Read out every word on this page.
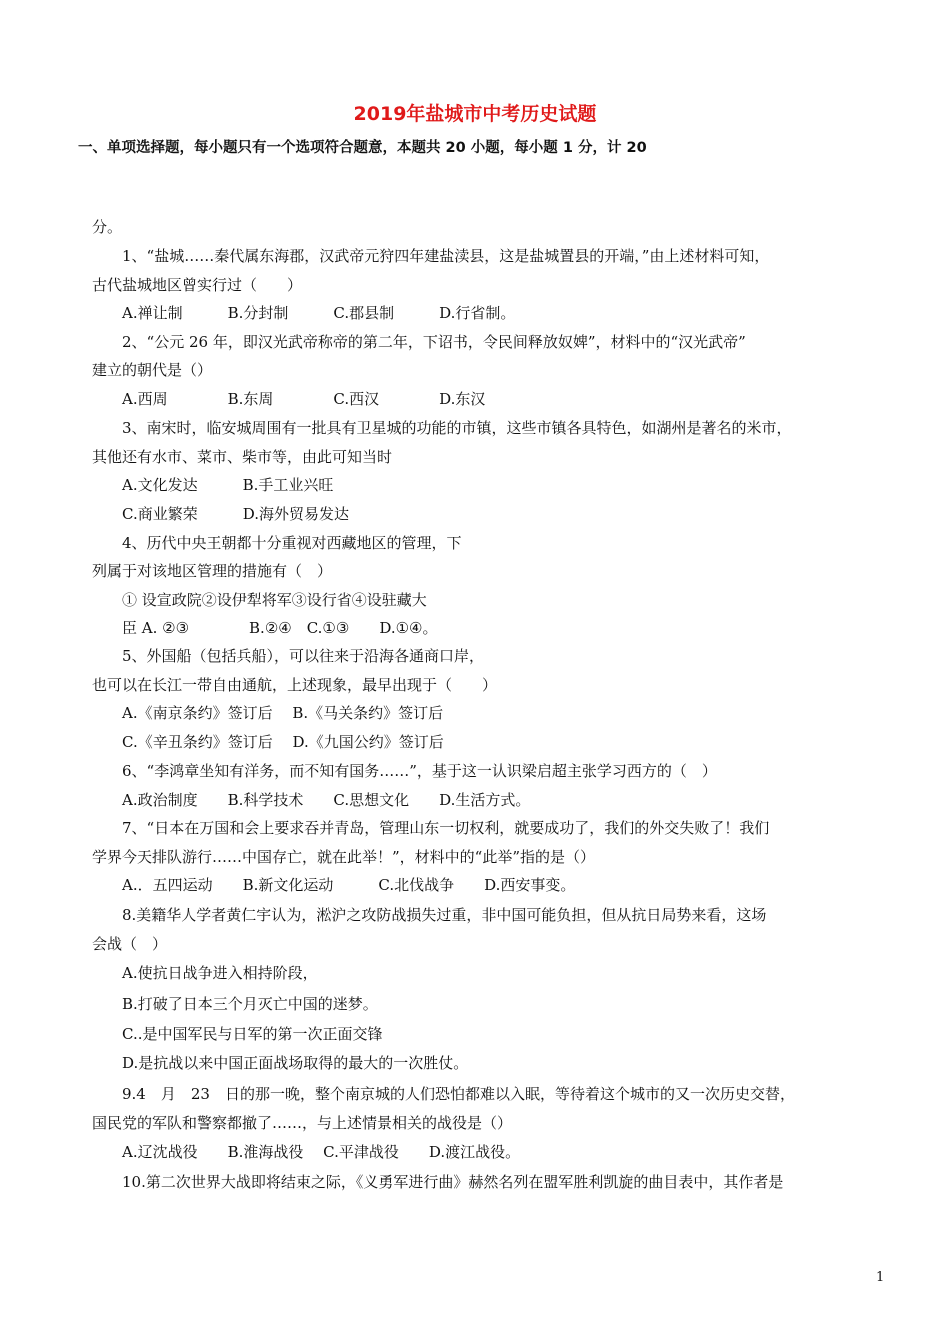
2019年盐城市中考历史试题
一、单项选择题，每小题只有一个选项符合题意，本题共 20 小题，每小题 1 分，计 20
分。
1、“盐城……秦代属东海郡，汉武帝元狩四年建盐渎县，这是盐城置县的开端，”由上述材料可知，
古代盐城地区曾实行过（　　）
A.禅让制　　　B.分封制　　　C.郡县制　　　D.行省制。
2、“公元 26 年，即汉光武帝称帝的第二年，下诏书，令民间释放奴婢”，材料中的“汉光武帝”
建立的朝代是（）
A.西周　　　　B.东周　　　　C.西汉　　　　D.东汉
3、南宋时，临安城周围有一批具有卫星城的功能的市镇，这些市镇各具特色，如湖州是著名的米市，
其他还有水市、菜市、柴市等，由此可知当时
A.文化发达　　　B.手工业兴旺
C.商业繁荣　　　D.海外贸易发达
4、历代中央王朝都十分重视对西藏地区的管理，下
列属于对该地区管理的措施有（　）
① 设宣政院②设伊犁将军③设行省④设驻藏大
臣 A. ②③　　　　B.②④　C.①③　　D.①④。
5、外国船（包括兵船），可以往来于沿海各通商口岸，
也可以在长江一带自由通航，上述现象，最早出现于（　　）
A.《南京条约》签订后　 B.《马关条约》签订后
C.《辛丑条约》签订后　 D.《九国公约》签订后
6、“李鸿章坐知有洋务，而不知有国务……”，基于这一认识梁启超主张学习西方的（　）
A.政治制度　　B.科学技术　　C.思想文化　　D.生活方式。
7、“日本在万国和会上要求吞并青岛，管理山东一切权利，就要成功了，我们的外交失败了！我们
学界今天排队游行……中国存亡，就在此举！”，材料中的“此举”指的是（）
A.．五四运动　　B.新文化运动　　　C.北伐战争　　D.西安事变。
8.美籍华人学者黄仁宇认为，淞沪之攻防战损失过重，非中国可能负担，但从抗日局势来看，这场
会战（　）
A.使抗日战争进入相持阶段，
B.打破了日本三个月灭亡中国的迷梦。
C..是中国军民与日军的第一次正面交锋
D.是抗战以来中国正面战场取得的最大的一次胜仗。
9.4　月　23　日的那一晚，整个南京城的人们恐怕都难以入眠，等待着这个城市的又一次历史交替，
国民党的军队和警察都撤了……，与上述情景相关的战役是（）
A.辽沈战役　　B.淮海战役　 C.平津战役　　D.渡江战役。
10.第二次世界大战即将结束之际，《义勇军进行曲》赫然名列在盟军胜利凯旋的曲目表中，其作者是
1
